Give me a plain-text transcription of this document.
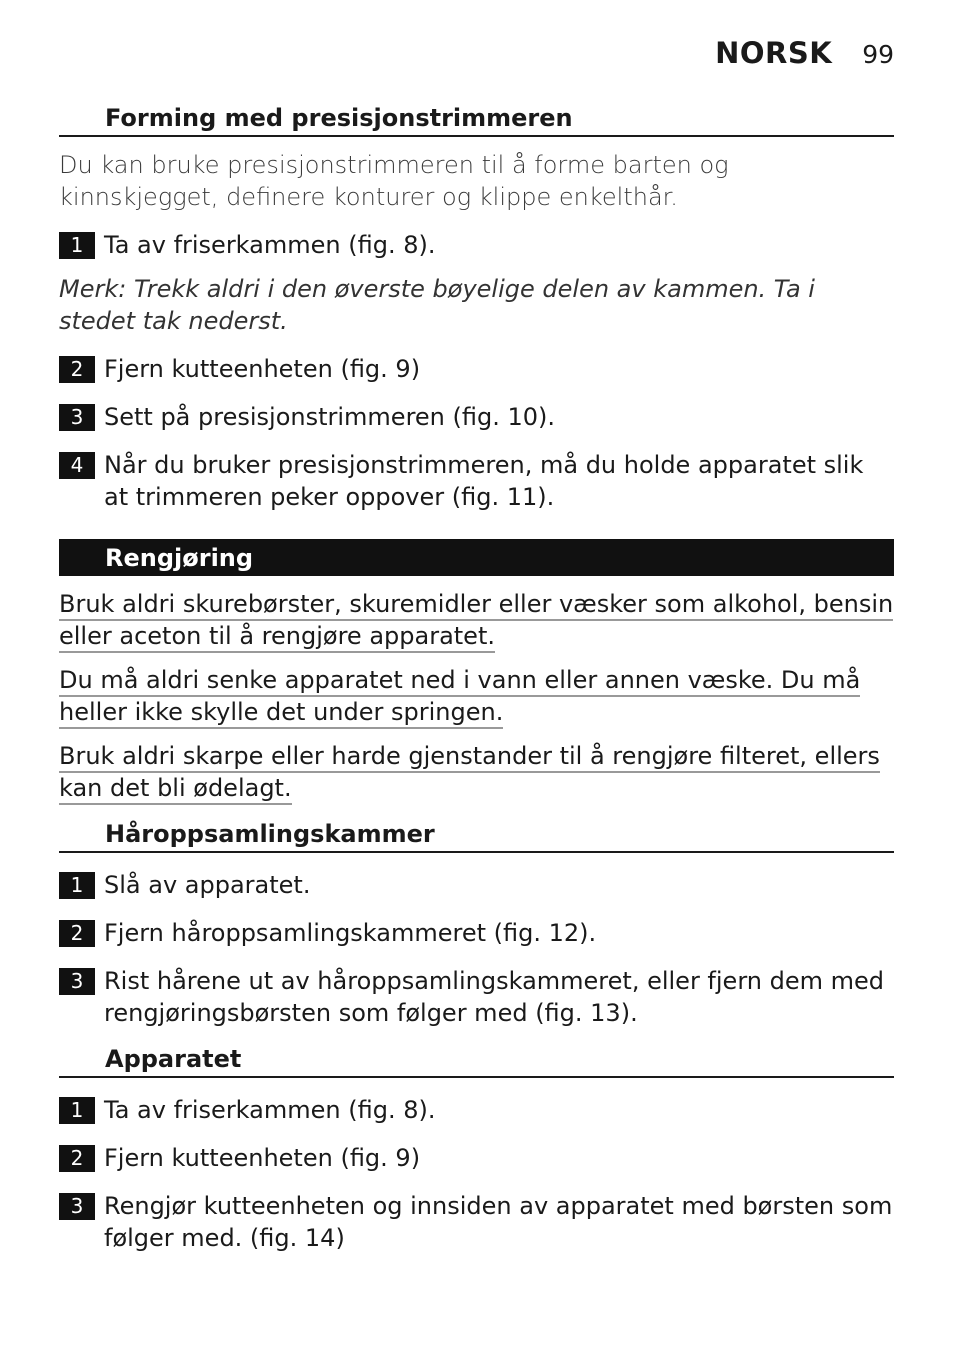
NORSK 99
Forming med presisjonstrimmeren
Du kan bruke presisjonstrimmeren til å forme barten og kinnskjegget, definere konturer og klippe enkelthår.
1 Ta av friserkammen (fig. 8).
Merk: Trekk aldri i den øverste bøyelige delen av kammen. Ta i stedet tak nederst.
2 Fjern kutteenheten (fig. 9)
3 Sett på presisjonstrimmeren (fig. 10).
4 Når du bruker presisjonstrimmeren, må du holde apparatet slik at trimmeren peker oppover (fig. 11).
Rengjøring
Bruk aldri skurebørster, skuremidler eller væsker som alkohol, bensin eller aceton til å rengjøre apparatet.
Du må aldri senke apparatet ned i vann eller annen væske. Du må heller ikke skylle det under springen.
Bruk aldri skarpe eller harde gjenstander til å rengjøre filteret, ellers kan det bli ødelagt.
Håroppsamlingskammer
1 Slå av apparatet.
2 Fjern håroppsamlingskammeret (fig. 12).
3 Rist hårene ut av håroppsamlingskammeret, eller fjern dem med rengjøringsbørsten som følger med (fig. 13).
Apparatet
1 Ta av friserkammen (fig. 8).
2 Fjern kutteenheten (fig. 9)
3 Rengjør kutteenheten og innsiden av apparatet med børsten som følger med. (fig. 14)
